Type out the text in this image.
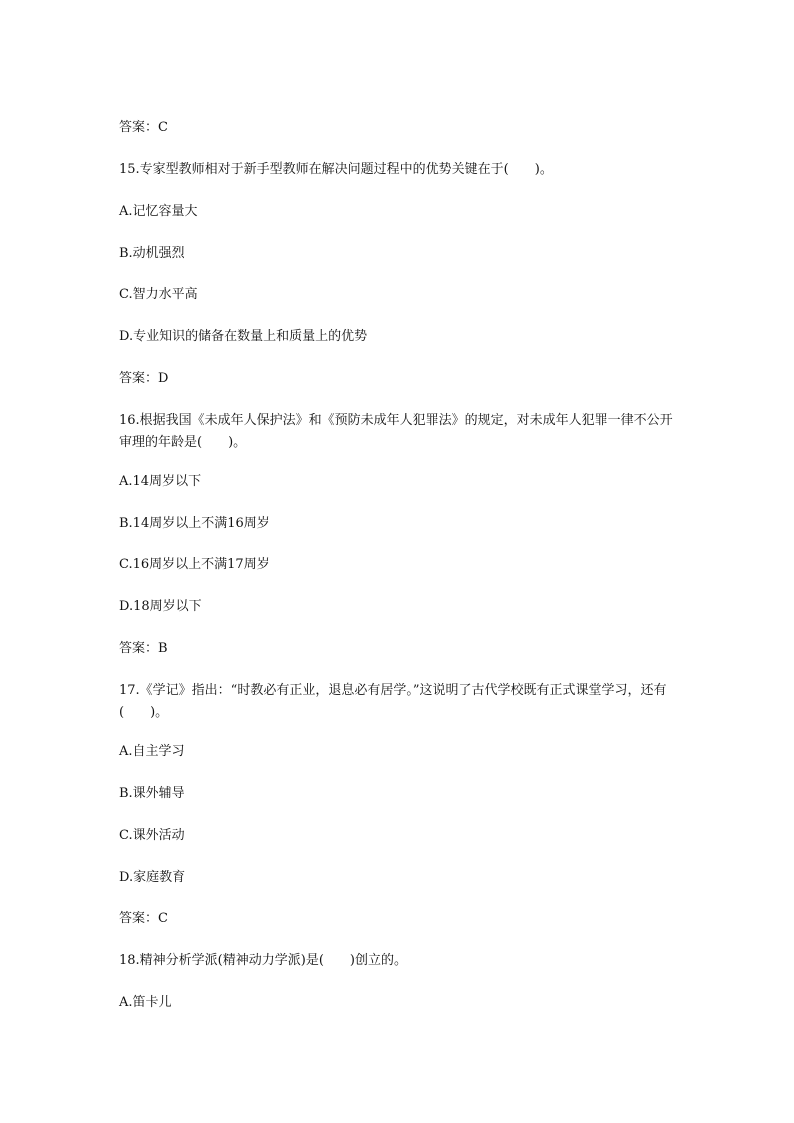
答案：C
15.专家型教师相对于新手型教师在解决问题过程中的优势关键在于(　　)。
A.记忆容量大
B.动机强烈
C.智力水平高
D.专业知识的储备在数量上和质量上的优势
答案：D
16.根据我国《未成年人保护法》和《预防未成年人犯罪法》的规定，对未成年人犯罪一律不公开审理的年龄是(　　)。
A.14周岁以下
B.14周岁以上不满16周岁
C.16周岁以上不满17周岁
D.18周岁以下
答案：B
17.《学记》指出：“时教必有正业，退息必有居学。”这说明了古代学校既有正式课堂学习，还有(　　)。
A.自主学习
B.课外辅导
C.课外活动
D.家庭教育
答案：C
18.精神分析学派(精神动力学派)是(　　)创立的。
A.笛卡儿
